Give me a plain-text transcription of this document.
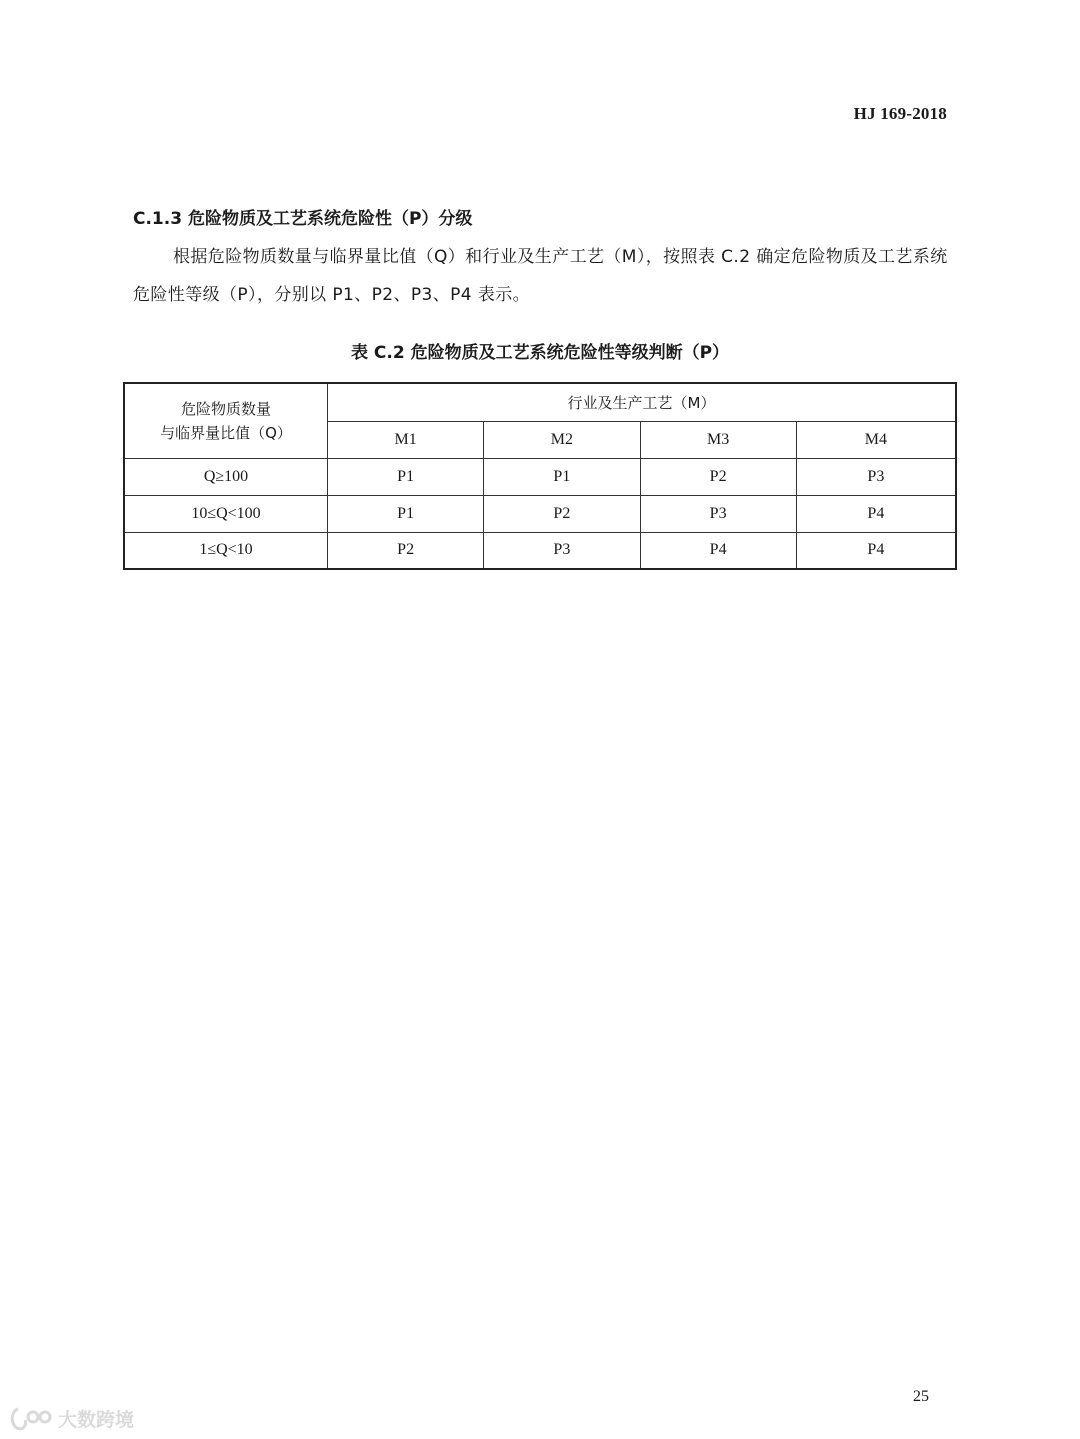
HJ 169-2018
C.1.3 危险物质及工艺系统危险性（P）分级
根据危险物质数量与临界量比值（Q）和行业及生产工艺（M），按照表 C.2 确定危险物质及工艺系统危险性等级（P），分别以 P1、P2、P3、P4 表示。
表 C.2 危险物质及工艺系统危险性等级判断（P）
危险物质数量
与临界量比值（Q）	行业及生产工艺（M）			
	M1	M2	M3	M4
Q≥100	P1	P1	P2	P3
10≤Q<100	P1	P2	P3	P4
1≤Q<10	P2	P3	P4	P4
25
大数跨境
